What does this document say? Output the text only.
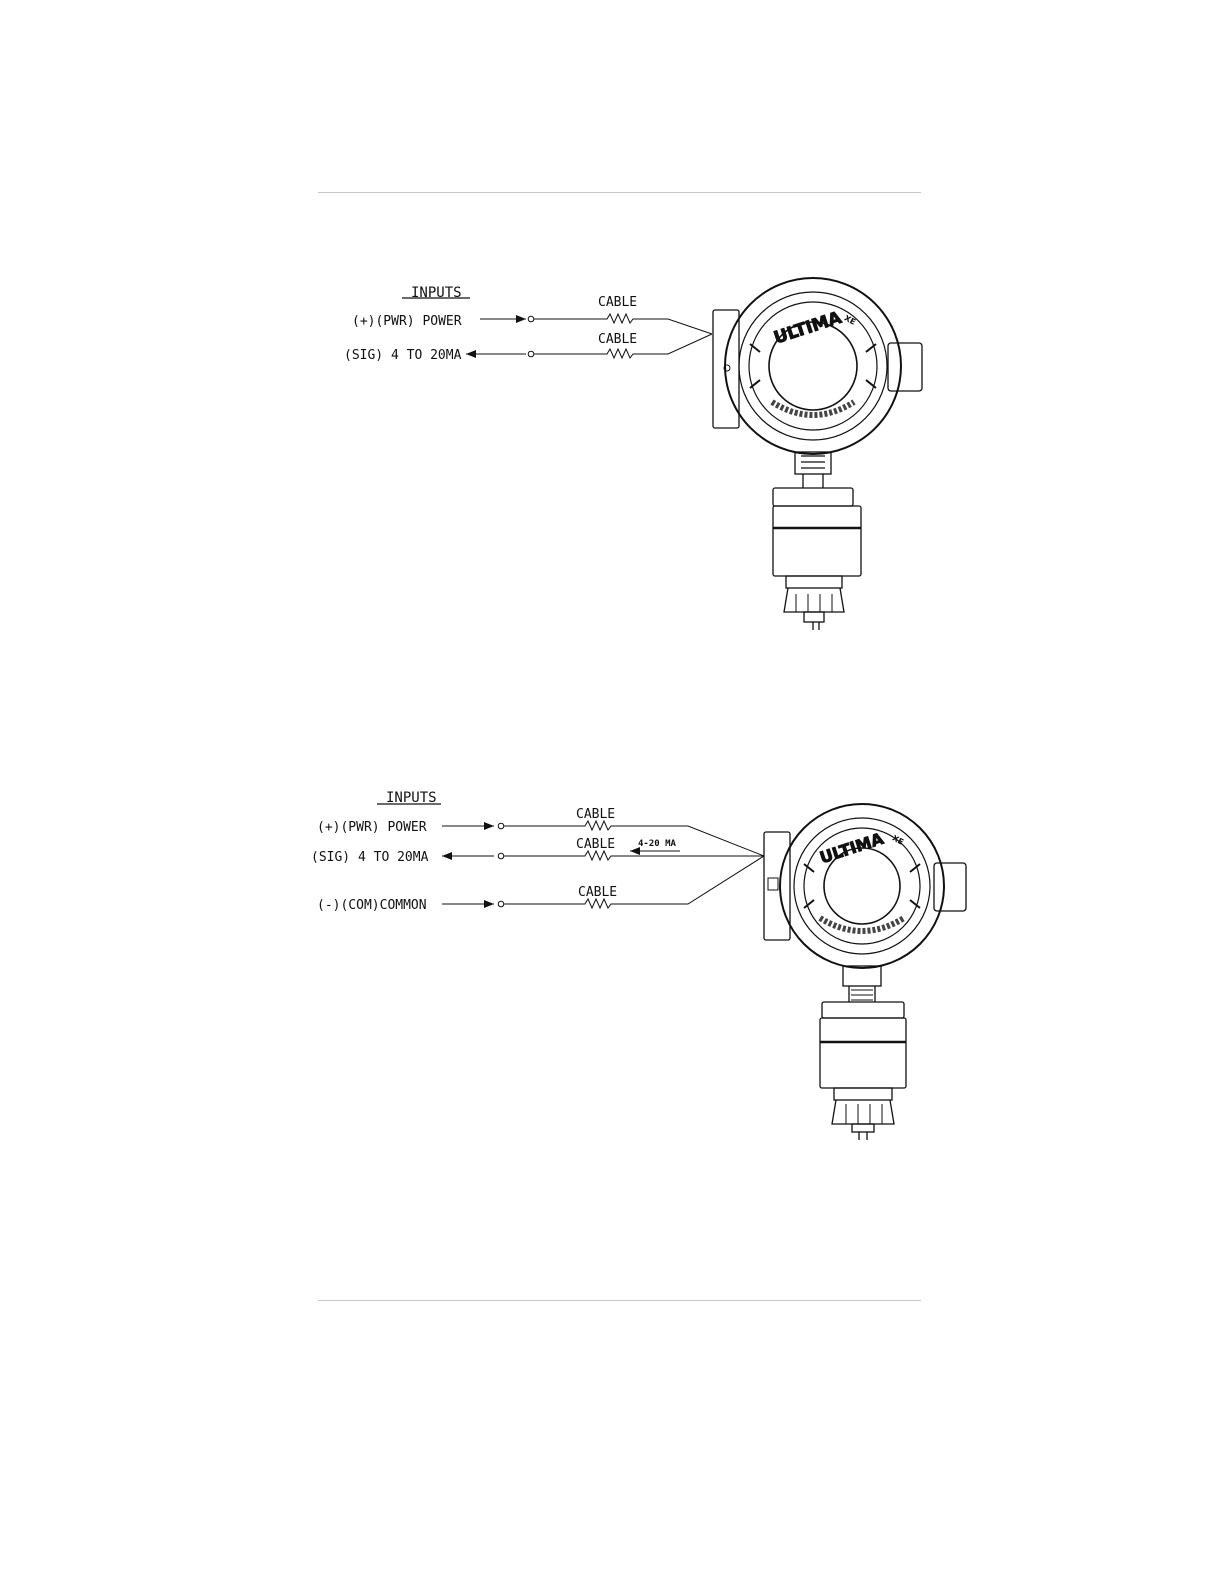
INPUTS
(+)(PWR) POWER
CABLE
(SIG) 4 TO 20MA
CABLE	ULTIMA
XE
INPUTS
(+)(PWR) POWER
CABLE
(SIG) 4 TO 20MA
CABLE	4-20 MA
(-)(COM)COMMON
CABLE
ULTIMA XE
